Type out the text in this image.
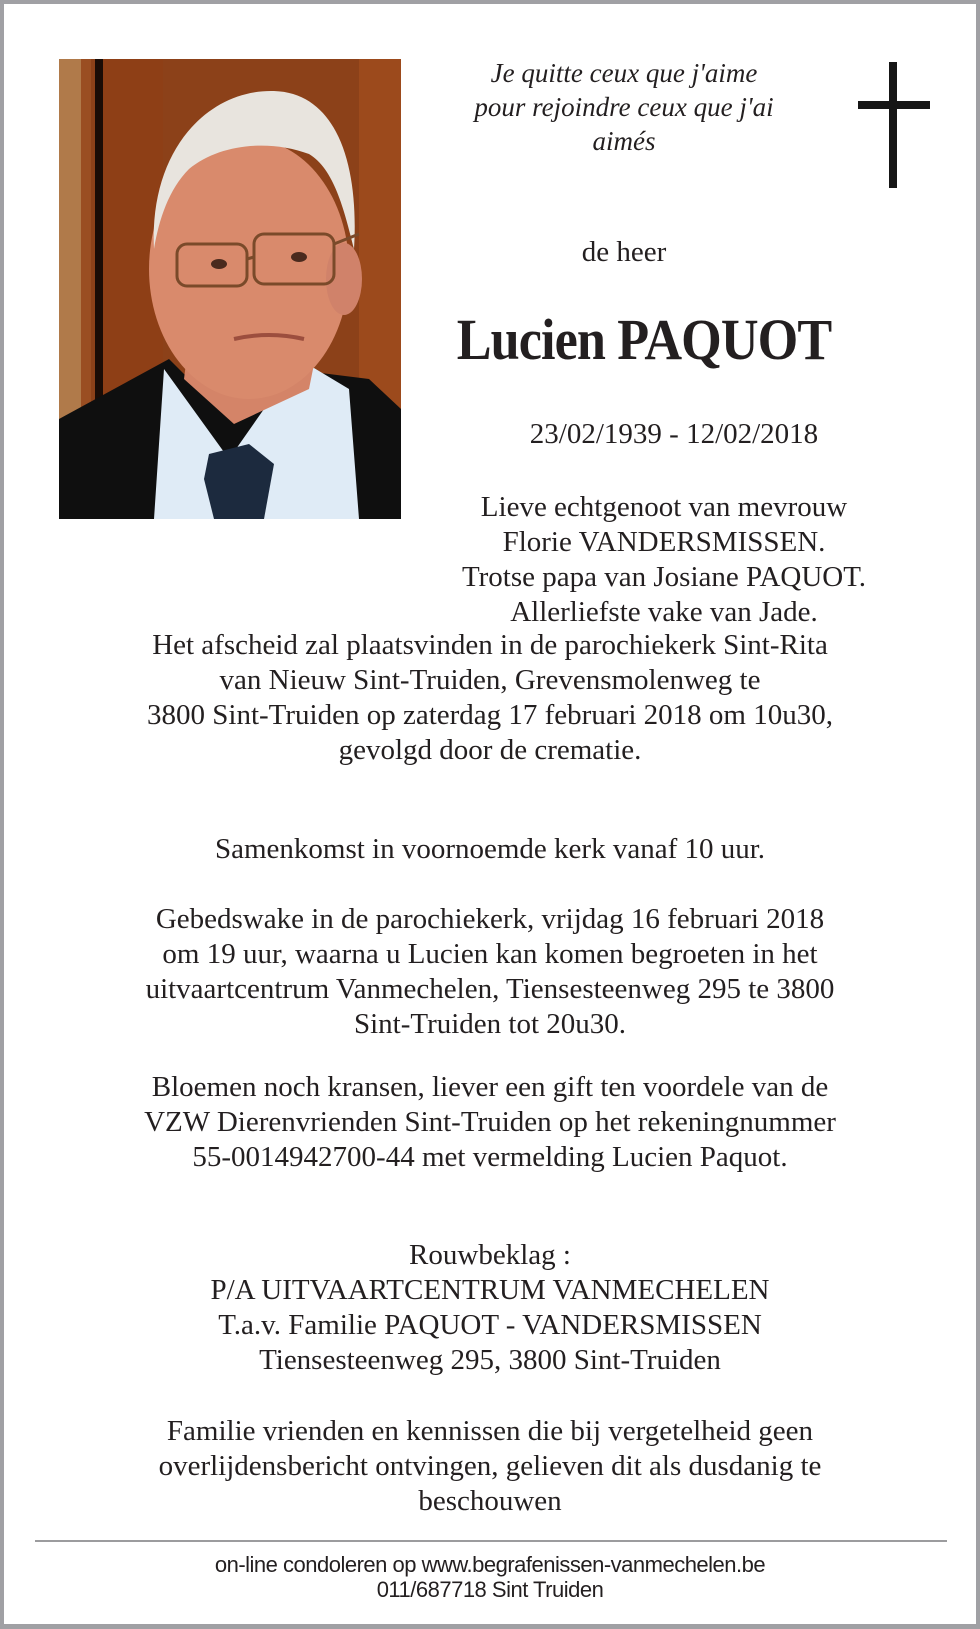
Je quitte ceux que j'aime
pour rejoindre ceux que j'ai
aimés
de heer
Lucien PAQUOT
23/02/1939 - 12/02/2018
Lieve echtgenoot van mevrouw
Florie VANDERSMISSEN.
Trotse papa van Josiane PAQUOT.
Allerliefste vake van Jade.
Het afscheid zal plaatsvinden in de parochiekerk Sint-Rita
van Nieuw Sint-Truiden, Grevensmolenweg te
3800 Sint-Truiden op zaterdag 17 februari 2018 om 10u30,
gevolgd door de crematie.
Samenkomst in voornoemde kerk vanaf 10 uur.
Gebedswake in de parochiekerk, vrijdag 16 februari 2018
om 19 uur, waarna u Lucien kan komen begroeten in het
uitvaartcentrum Vanmechelen, Tiensesteenweg 295 te 3800
Sint-Truiden tot 20u30.
Bloemen noch kransen, liever een gift ten voordele van de
VZW Dierenvrienden Sint-Truiden op het rekeningnummer
55-0014942700-44 met vermelding Lucien Paquot.
Rouwbeklag :
P/A UITVAARTCENTRUM VANMECHELEN
T.a.v. Familie PAQUOT - VANDERSMISSEN
Tiensesteenweg 295, 3800 Sint-Truiden
Familie vrienden en kennissen die bij vergetelheid geen
overlijdensbericht ontvingen, gelieven dit als dusdanig te
beschouwen
on-line condoleren op www.begrafenissen-vanmechelen.be
011/687718 Sint Truiden
